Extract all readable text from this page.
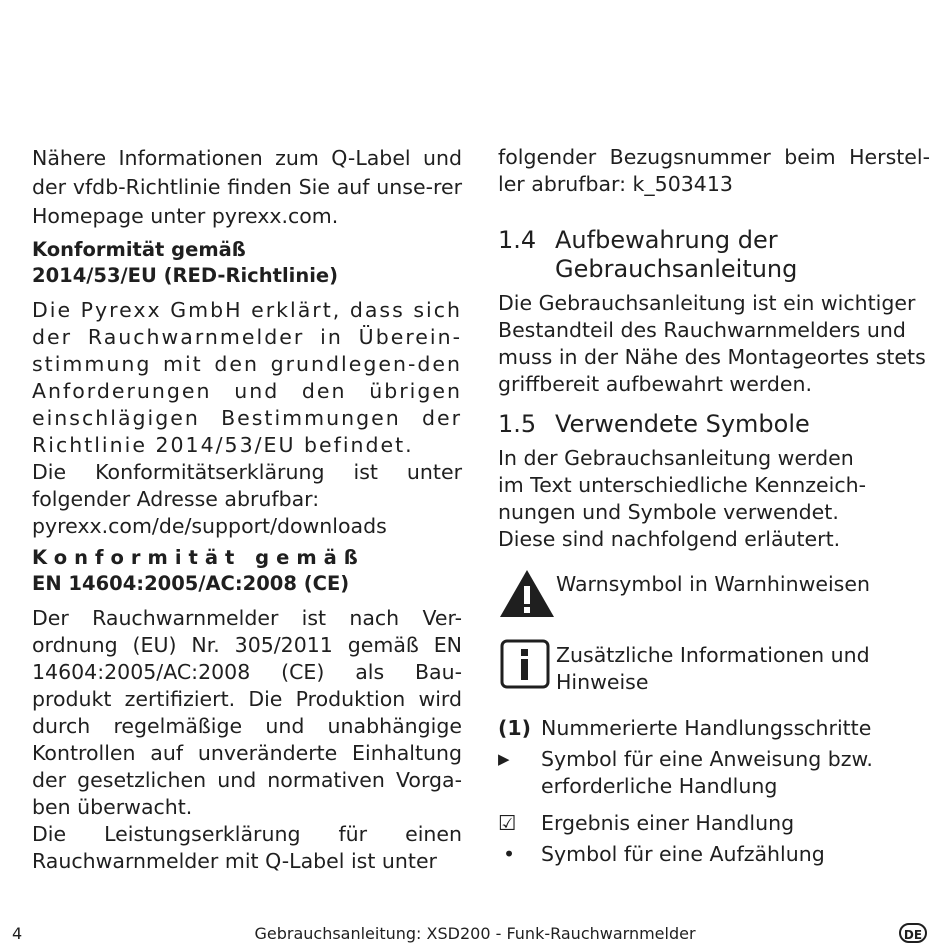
Nähere Informationen zum Q-Label und der vfdb-Richtlinie finden Sie auf unse-rer Homepage unter pyrexx.com.

Konformität gemäß
2014/53/EU (RED-Richtlinie)

Die Pyrexx GmbH erklärt, dass sich der Rauchwarnmelder in Überein-stimmung mit den grundlegen-den Anforderungen und den übrigen einschlägigen Bestimmungen der Richtlinie 2014/53/EU befindet.

Die Konformitätserklärung ist unter folgender Adresse abrufbar:

pyrexx.com/de/support/downloads

Konformität gemäß
EN 14604:2005/AC:2008 (CE)

Der Rauchwarnmelder ist nach Ver-ordnung (EU) Nr. 305/2011 gemäß EN 14604:2005/AC:2008 (CE) als Bau-produkt zertifiziert. Die Produktion wird durch regelmäßige und unabhängige Kontrollen auf unveränderte Einhaltung der gesetzlichen und normativen Vorga-ben überwacht.

Die Leistungserklärung für einen Rauchwarnmelder mit Q-Label ist unter

folgender Bezugsnummer beim Herstel-ler abrufbar: k_503413

1.4 Aufbewahrung der Gebrauchsanleitung

Die Gebrauchsanleitung ist ein wichtiger Bestandteil des Rauchwarnmelders und muss in der Nähe des Montageortes stets griffbereit aufbewahrt werden.

1.5 Verwendete Symbole
In der Gebrauchsanleitung werden
im Text unterschiedliche Kennzeich-
nungen und Symbole verwendet.
Diese sind nachfolgend erläutert.
Warnsymbol in Warnhinweisen
Zusätzliche Informationen und Hinweise
(1) Nummerierte Handlungsschritte
▶	Symbol für eine Anweisung bzw. erforderliche Handlung
☑	Ergebnis einer Handlung
•	Symbol für eine Aufzählung
4	Gebrauchsanleitung: XSD200 - Funk-Rauchwarnmelder	DE
